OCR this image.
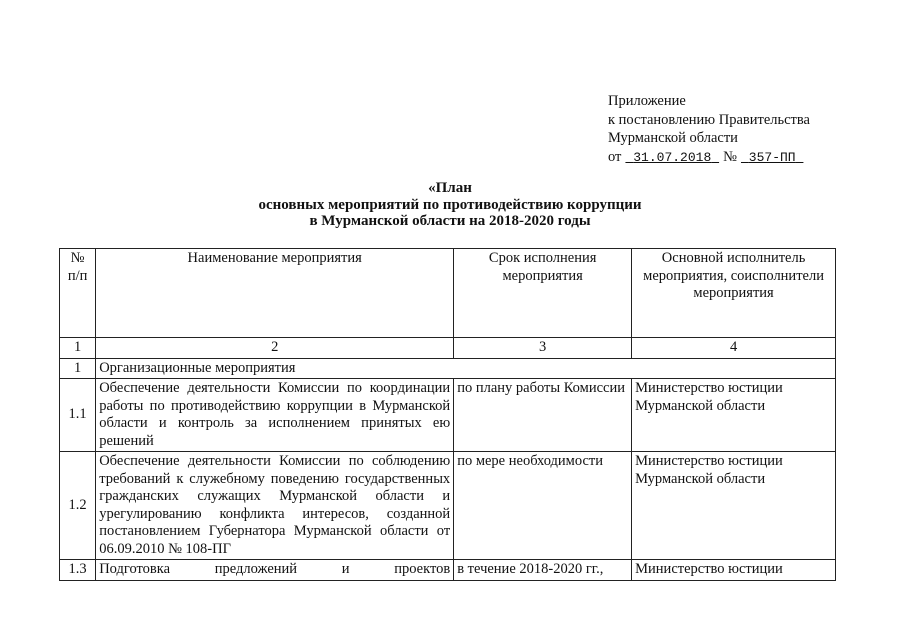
Приложение
к постановлению Правительства
Мурманской области
от 31.07.2018 № 357-ПП
«План
основных мероприятий по противодействию коррупции
в Мурманской области на 2018-2020 годы
№ п/п	Наименование мероприятия	Срок исполнения мероприятия	Основной исполнитель мероприятия, соисполнители мероприятия
1	2	3	4
1	Организационные мероприятия		
1.1	Обеспечение деятельности Комиссии по координации работы по противодействию коррупции в Мурманской области и контроль за исполнением принятых ею решений	по плану работы Комиссии	Министерство юстиции Мурманской области
1.2	Обеспечение деятельности Комиссии по соблюдению требований к служебному поведению государственных гражданских служащих Мурманской области и урегулированию конфликта интересов, созданной постановлением Губернатора Мурманской области от 06.09.2010 № 108-ПГ	по мере необходимости	Министерство юстиции Мурманской области
1.3	Подготовка предложений и проектов	в течение 2018-2020 гг.,	Министерство юстиции
